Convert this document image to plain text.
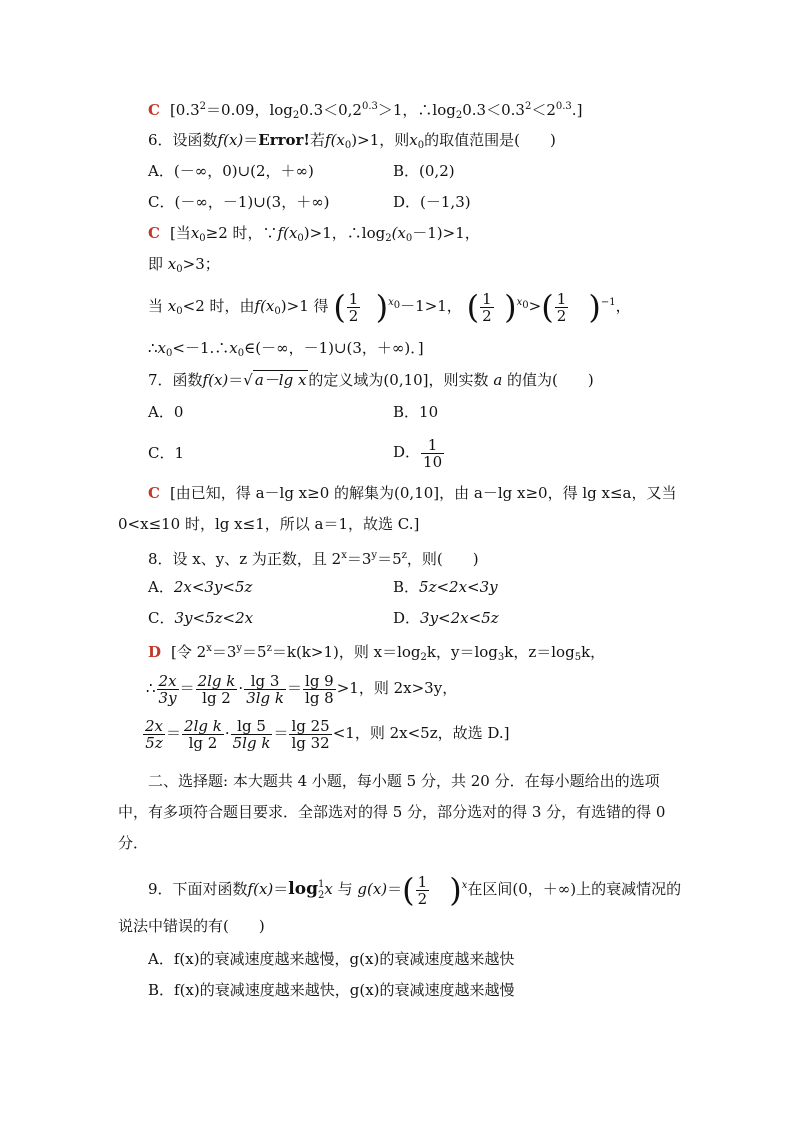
C [$0.3^2=0.09$，$\log_20.3<0,2^{0.3}>1$，$\therefore\log_20.3<0.3^2<2^{0.3}$.]
6．设函数f(x)＝Error!若$f(x_0)>1$，则$x_0$的取值范围是(　　)
A．(－∞，0)∪(2，＋∞)	B．(0,2)
C．(－∞，－1)∪(3，＋∞)	D．(－1,3)
C [当$x_0\ge 2$ 时，$\because f(x_0)>1$，$\therefore\log_2(x_0-1)>1$，
即 $x_0>3$；
当 $x_0<2$ 时，由$f(x_0)>1$ 得 ( $\frac{1}{2} )^{x_0}-1>1$， ( $\frac{1}{2} )^{x_0}>( \frac{1}{2} )^{-1}$，
$\therefore x_0<-1.\therefore x_0\in(-\infty$，－1)∪(3，＋∞)．]
7．函数f(x)＝√ a－lg x 的定义域为(0,10]，则实数 a 的值为(　　)
A．0	B．10
C．1	D． $\frac{1}{10}$
C [由已知，得 a－lg x≥0 的解集为(0,10]，由 a－lg x≥0，得 lg x≤a，又当
0<x≤10 时，lg x≤1，所以 a＝1，故选 C.]
8．设 x、y、z 为正数，且 $2^x=3^y=5^z$，则(　　)
A．2x<3y<5z	B．5z<2x<3y
C．3y<5z<2x	D．3y<2x<5z
D [令 $2^x=3^y=5^z=k(k>1)$，则 $x=\log_2k$，$y=\log_3k$，$z=\log_5k$，
∴ $\frac{2x}{3y} = \frac{\text{2lg k}}{\lg 2} \cdot \frac{\lg 3}{\text{3lg k}} = \frac{\lg 9}{\lg 8} >1$，则 2x>3y，
$\frac{2x}{5z} = \frac{\text{2lg k}}{\lg 2} \cdot \frac{\lg 5}{\text{5lg k}} = \frac{\lg 25}{\lg 32} <1$，则 2x<5z，故选 D.]
二、选择题: 本大题共 4 小题，每小题 5 分，共 20 分．在每小题给出的选项
中，有多项符合题目要求．全部选对的得 5 分，部分选对的得 3 分，有选错的得 0
分．
9．下面对函数f(x)＝log 1
2 x 与 $g(x)=( \frac{1}{2} )^x$在区间(0，＋∞)上的衰减情况的
说法中错误的有(　　)
A．f(x)的衰减速度越来越慢，g(x)的衰减速度越来越快
B．f(x)的衰减速度越来越快，g(x)的衰减速度越来越慢
